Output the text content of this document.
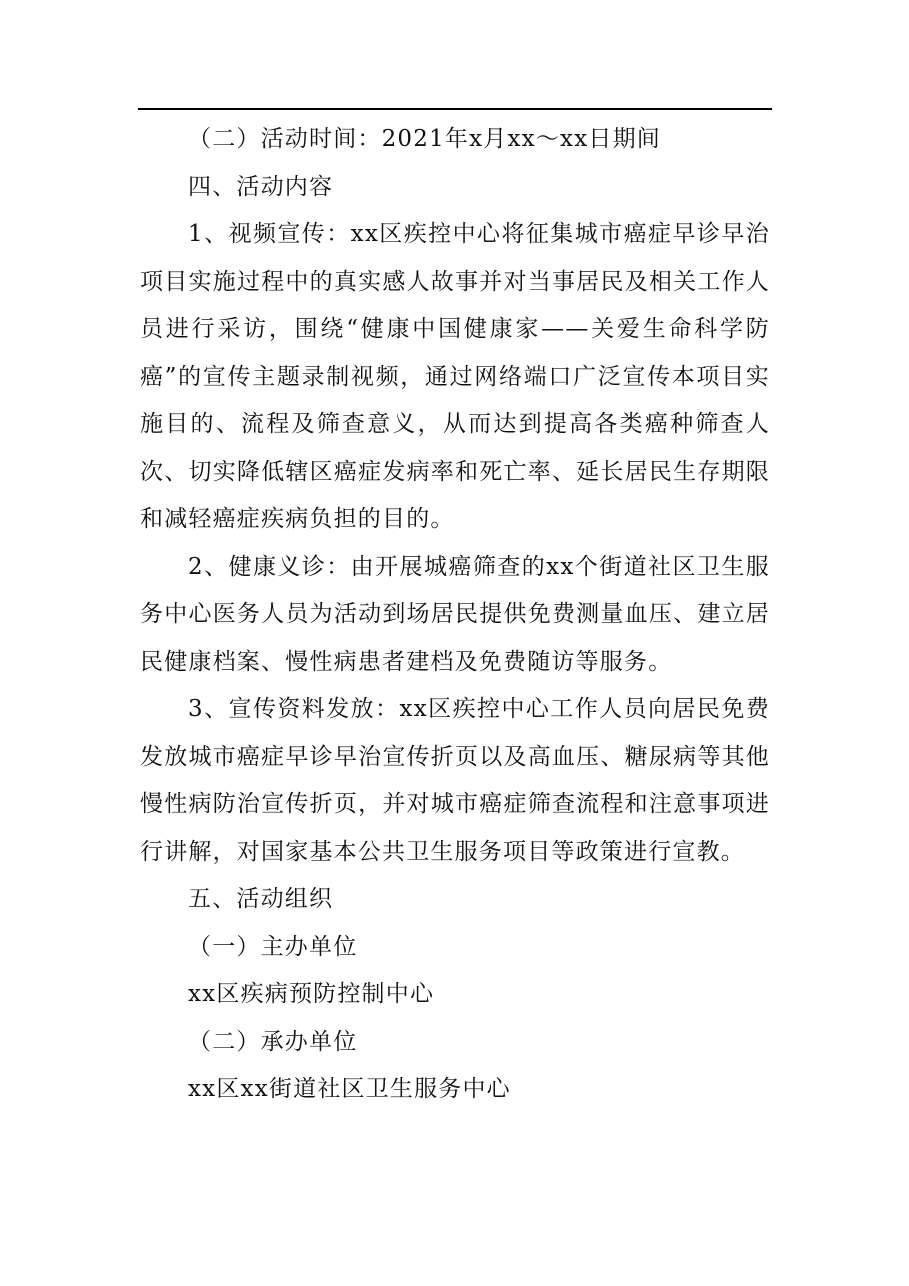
（二）活动时间：2021年x月xx～xx日期间

四、活动内容

1、视频宣传：xx区疾控中心将征集城市癌症早诊早治项目实施过程中的真实感人故事并对当事居民及相关工作人员进行采访，围绕“健康中国健康家——关爱生命科学防癌”的宣传主题录制视频，通过网络端口广泛宣传本项目实施目的、流程及筛查意义，从而达到提高各类癌种筛查人次、切实降低辖区癌症发病率和死亡率、延长居民生存期限和减轻癌症疾病负担的目的。

2、健康义诊：由开展城癌筛查的xx个街道社区卫生服务中心医务人员为活动到场居民提供免费测量血压、建立居民健康档案、慢性病患者建档及免费随访等服务。

3、宣传资料发放：xx区疾控中心工作人员向居民免费发放城市癌症早诊早治宣传折页以及高血压、糖尿病等其他慢性病防治宣传折页，并对城市癌症筛查流程和注意事项进行讲解，对国家基本公共卫生服务项目等政策进行宣教。

五、活动组织

（一）主办单位

xx区疾病预防控制中心

（二）承办单位

xx区xx街道社区卫生服务中心
